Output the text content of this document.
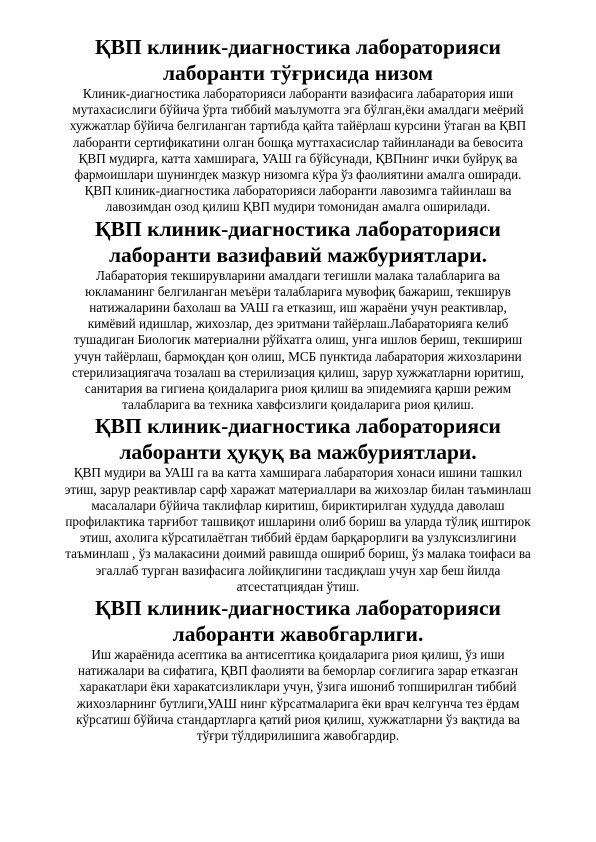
ҚВП клиник-диагностика лабораторияси лаборанти тўғрисида низом

Клиник-диагностика лабораторияси лаборанти вазифасига лабаратория иши мутахасислиги бўйича ўрта тиббий маълумотга эга бўлган,ёки амалдаги меёрий хужжатлар бўйича белгиланган тартибда қайта тайёрлаш курсини ўтаган ва ҚВП лаборанти сертификатини олган бошқа муттахасислар тайинланади ва бевосита ҚВП мудирга, катта хамширага, УАШ га бўйсунади, ҚВПнинг ички буйруқ ва фармоишлари шунингдек мазкур низомга кўра ўз фаолиятини амалга оширади. ҚВП клиник-диагностика лабораторияси лаборанти лавозимга тайинлаш ва лавозимдан озод қилиш ҚВП мудири томонидан амалга оширилади.

ҚВП клиник-диагностика лабораторияси лаборанти вазифавий мажбуриятлари.

Лабаратория текширувларини амалдаги тегишли малака талабларига ва юкламанинг белгиланган меъёри талабларига мувофиқ бажариш, текширув натижаларини бахолаш ва УАШ га етказиш, иш жараёни учун реактивлар, кимёвий идишлар, жихозлар, дез эритмани тайёрлаш.Лабараторияга келиб тушадиган Биологик материални рўйхатга олиш, унга ишлов бериш, текшириш учун тайёрлаш, бармоқдан қон олиш, МСБ пунктида лабаратория жихозларини стерилизациягача тозалаш ва стерилизация қилиш, зарур хужжатларни юритиш, санитария ва гигиена қоидаларига риоя қилиш ва эпидемияга қарши режим талабларига ва техника хавфсизлиги қоидаларига риоя қилиш.

ҚВП клиник-диагностика лабораторияси лаборанти ҳуқуқ ва мажбуриятлари.

ҚВП мудири ва УАШ га ва катта хамширага лабаратория хонаси ишини ташкил этиш, зарур реактивлар сарф харажат материаллари ва жихозлар билан таъминлаш масалалари бўйича таклифлар киритиш, бириктирилган худудда даволаш профилактика тарғибот ташвиқот ишларини олиб бориш ва уларда тўлиқ иштирок этиш, ахолига кўрсатилаётган тиббий ёрдам барқарорлиги ва узлуксизлигини таъминлаш , ўз малакасини доимий равишда ошириб бориш, ўз малака тоифаси ва эгаллаб турган вазифасига лойиқлигини тасдиқлаш учун хар беш йилда атсестатциядан ўтиш.

ҚВП клиник-диагностика лабораторияси лаборанти жавобгарлиги.

Иш жараёнида асептика ва антисептика қоидаларига риоя қилиш, ўз иши натижалари ва сифатига, ҚВП фаолияти ва беморлар соғлигига зарар етказган харакатлари ёки харакатсизликлари учун, ўзига ишониб топширилган тиббий жихозларнинг бутлиги,УАШ нинг кўрсатмаларига ёки врач келгунча тез ёрдам кўрсатиш бўйича стандартларга қатий риоя қилиш, хужжатларни ўз вақтида ва тўғри тўлдирилишига жавобгардир.
